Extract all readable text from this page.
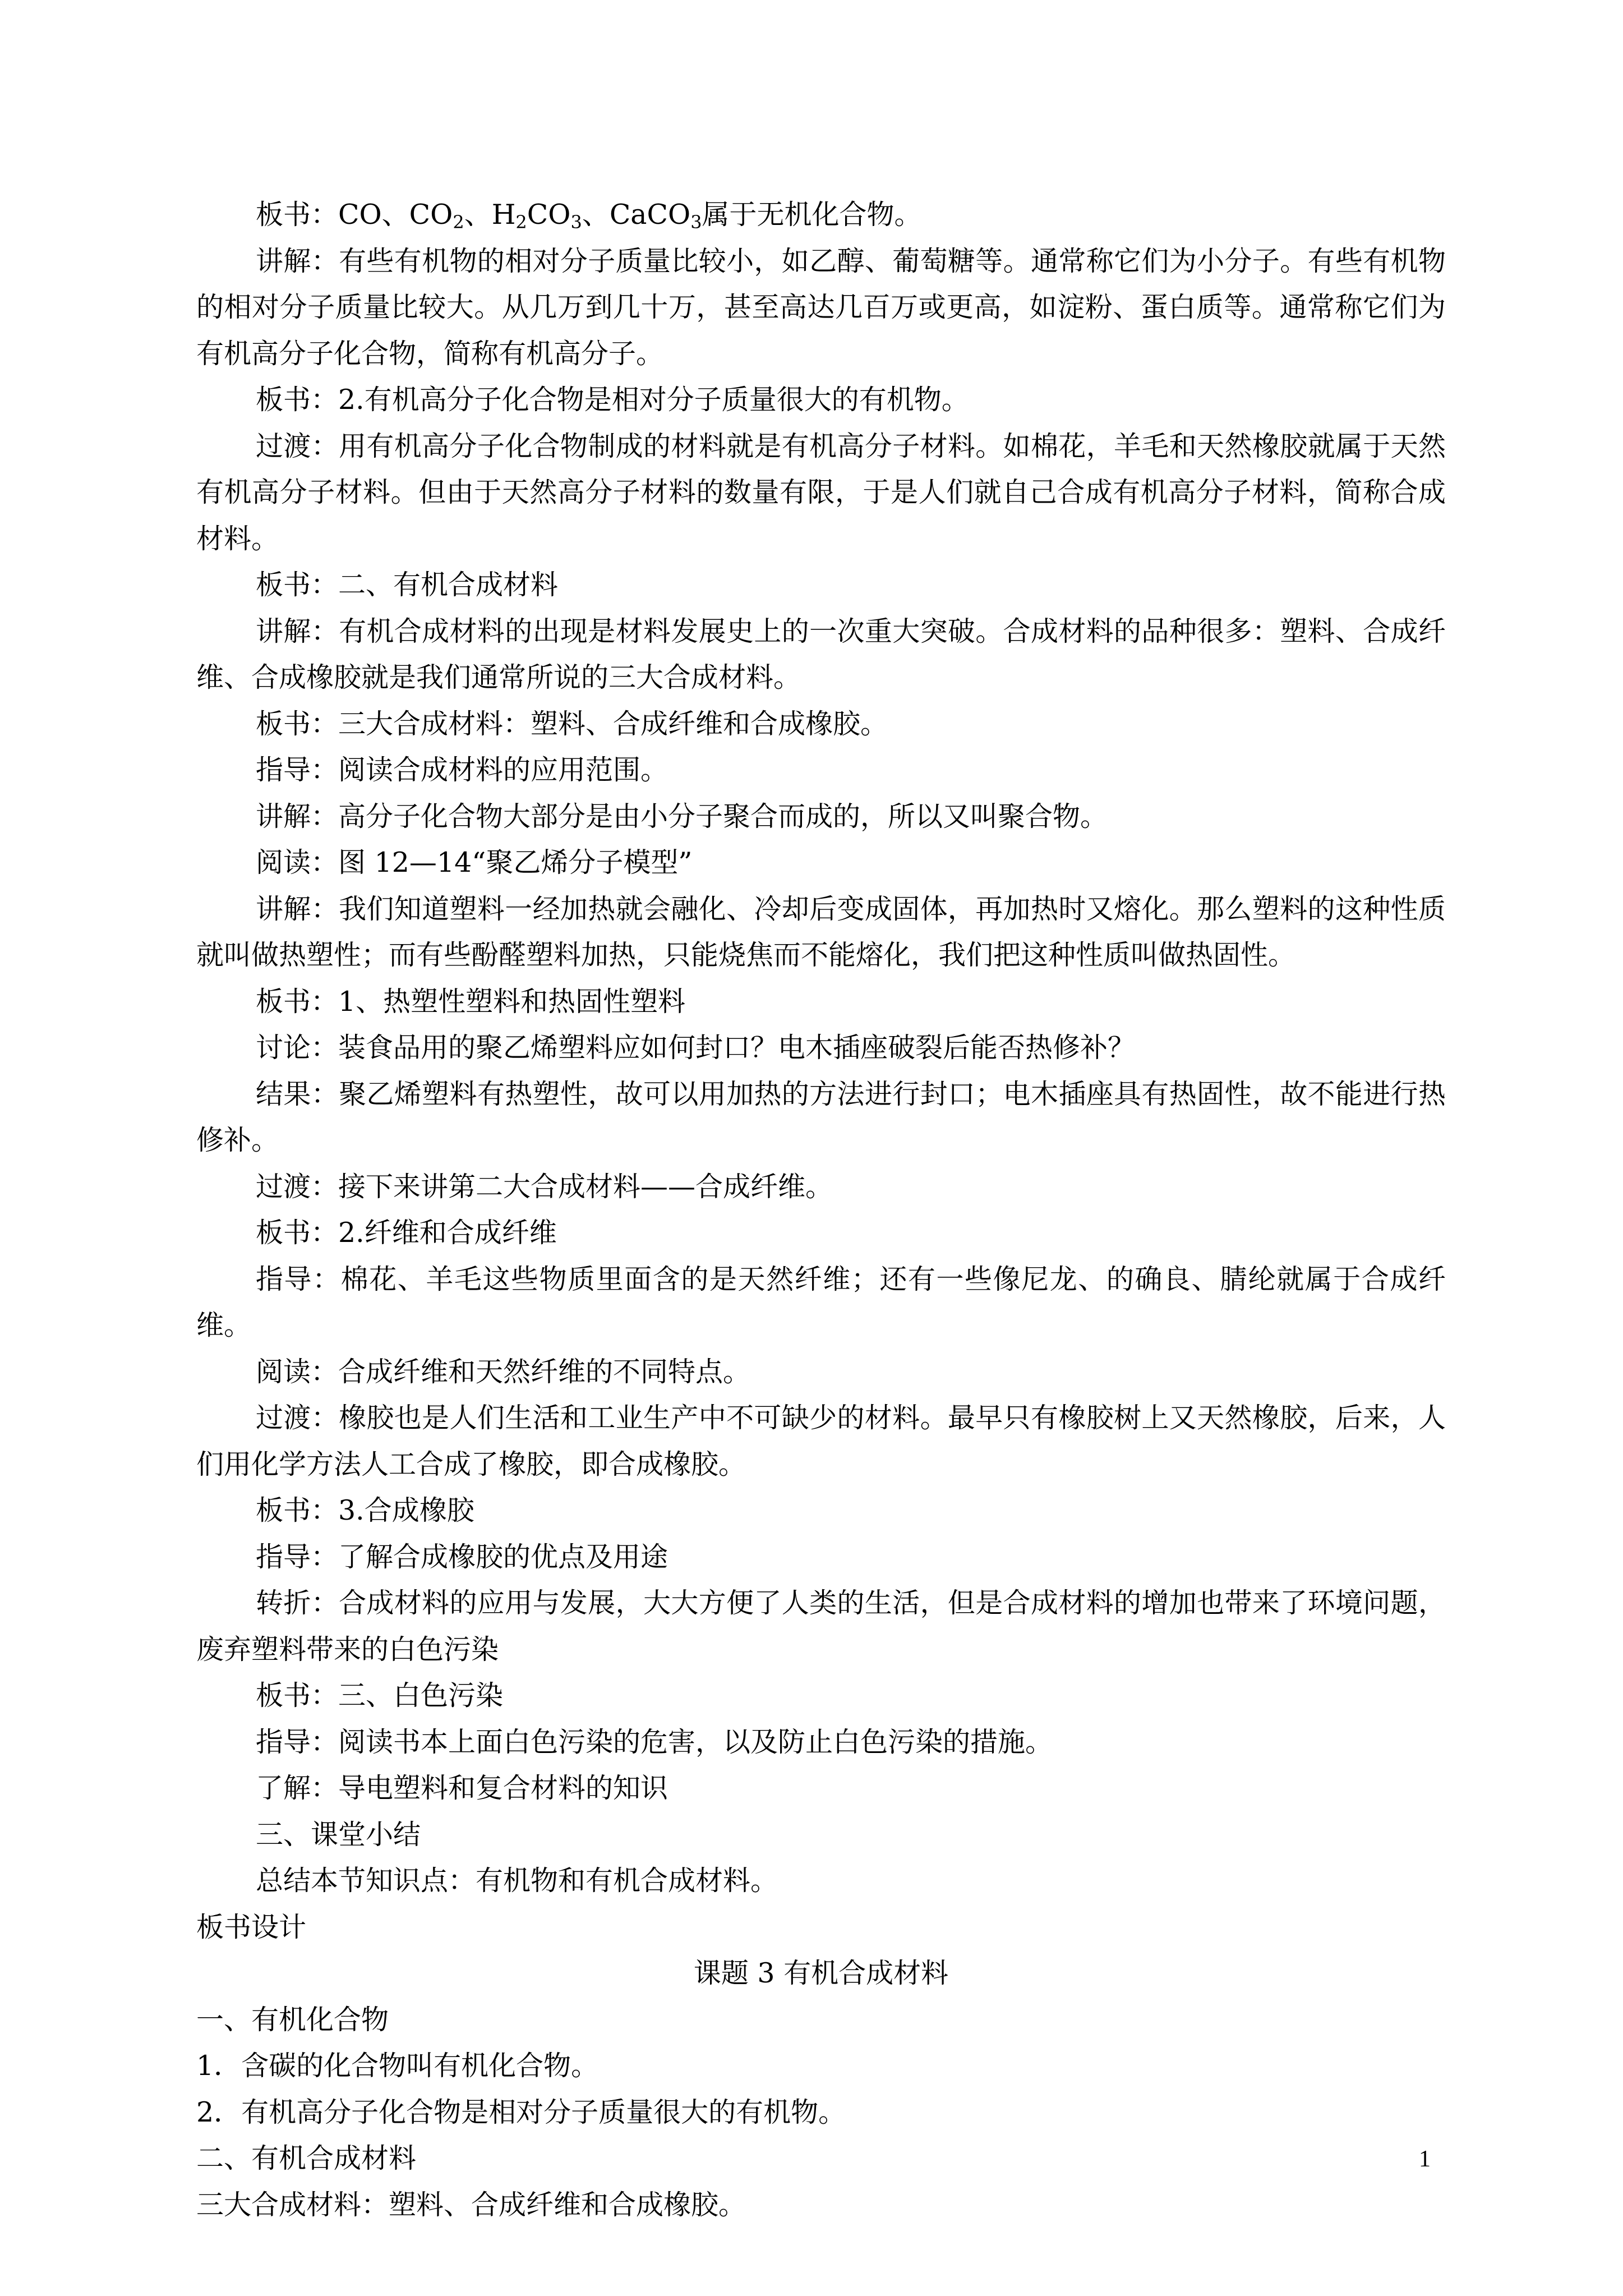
板书：CO、$CO_2$、$H_2CO_3$、CaCO$_3$属于无机化合物。

讲解：有些有机物的相对分子质量比较小，如乙醇、葡萄糖等。通常称它们为小分子。有些有机物的相对分子质量比较大。从几万到几十万，甚至高达几百万或更高，如淀粉、蛋白质等。通常称它们为有机高分子化合物，简称有机高分子。

板书：2.有机高分子化合物是相对分子质量很大的有机物。

过渡：用有机高分子化合物制成的材料就是有机高分子材料。如棉花，羊毛和天然橡胶就属于天然有机高分子材料。但由于天然高分子材料的数量有限，于是人们就自己合成有机高分子材料，简称合成材料。

板书：二、有机合成材料

讲解：有机合成材料的出现是材料发展史上的一次重大突破。合成材料的品种很多：塑料、合成纤维、合成橡胶就是我们通常所说的三大合成材料。

板书：三大合成材料：塑料、合成纤维和合成橡胶。

指导：阅读合成材料的应用范围。

讲解：高分子化合物大部分是由小分子聚合而成的，所以又叫聚合物。

阅读：图 12—14“聚乙烯分子模型”

讲解：我们知道塑料一经加热就会融化、冷却后变成固体，再加热时又熔化。那么塑料的这种性质就叫做热塑性；而有些酚醛塑料加热，只能烧焦而不能熔化，我们把这种性质叫做热固性。

板书：1、热塑性塑料和热固性塑料

讨论：装食品用的聚乙烯塑料应如何封口？电木插座破裂后能否热修补？

结果：聚乙烯塑料有热塑性，故可以用加热的方法进行封口；电木插座具有热固性，故不能进行热修补。

过渡：接下来讲第二大合成材料——合成纤维。

板书：2.纤维和合成纤维

指导：棉花、羊毛这些物质里面含的是天然纤维；还有一些像尼龙、的确良、腈纶就属于合成纤维。

阅读：合成纤维和天然纤维的不同特点。

过渡：橡胶也是人们生活和工业生产中不可缺少的材料。最早只有橡胶树上又天然橡胶，后来，人们用化学方法人工合成了橡胶，即合成橡胶。

板书：3.合成橡胶

指导：了解合成橡胶的优点及用途

转折：合成材料的应用与发展，大大方便了人类的生活，但是合成材料的增加也带来了环境问题，废弃塑料带来的白色污染

板书：三、白色污染

指导：阅读书本上面白色污染的危害，以及防止白色污染的措施。

了解：导电塑料和复合材料的知识

三、课堂小结

总结本节知识点：有机物和有机合成材料。

板书设计

课题 3 有机合成材料

一、有机化合物

1．含碳的化合物叫有机化合物。

2．有机高分子化合物是相对分子质量很大的有机物。

二、有机合成材料

三大合成材料：塑料、合成纤维和合成橡胶。

1
